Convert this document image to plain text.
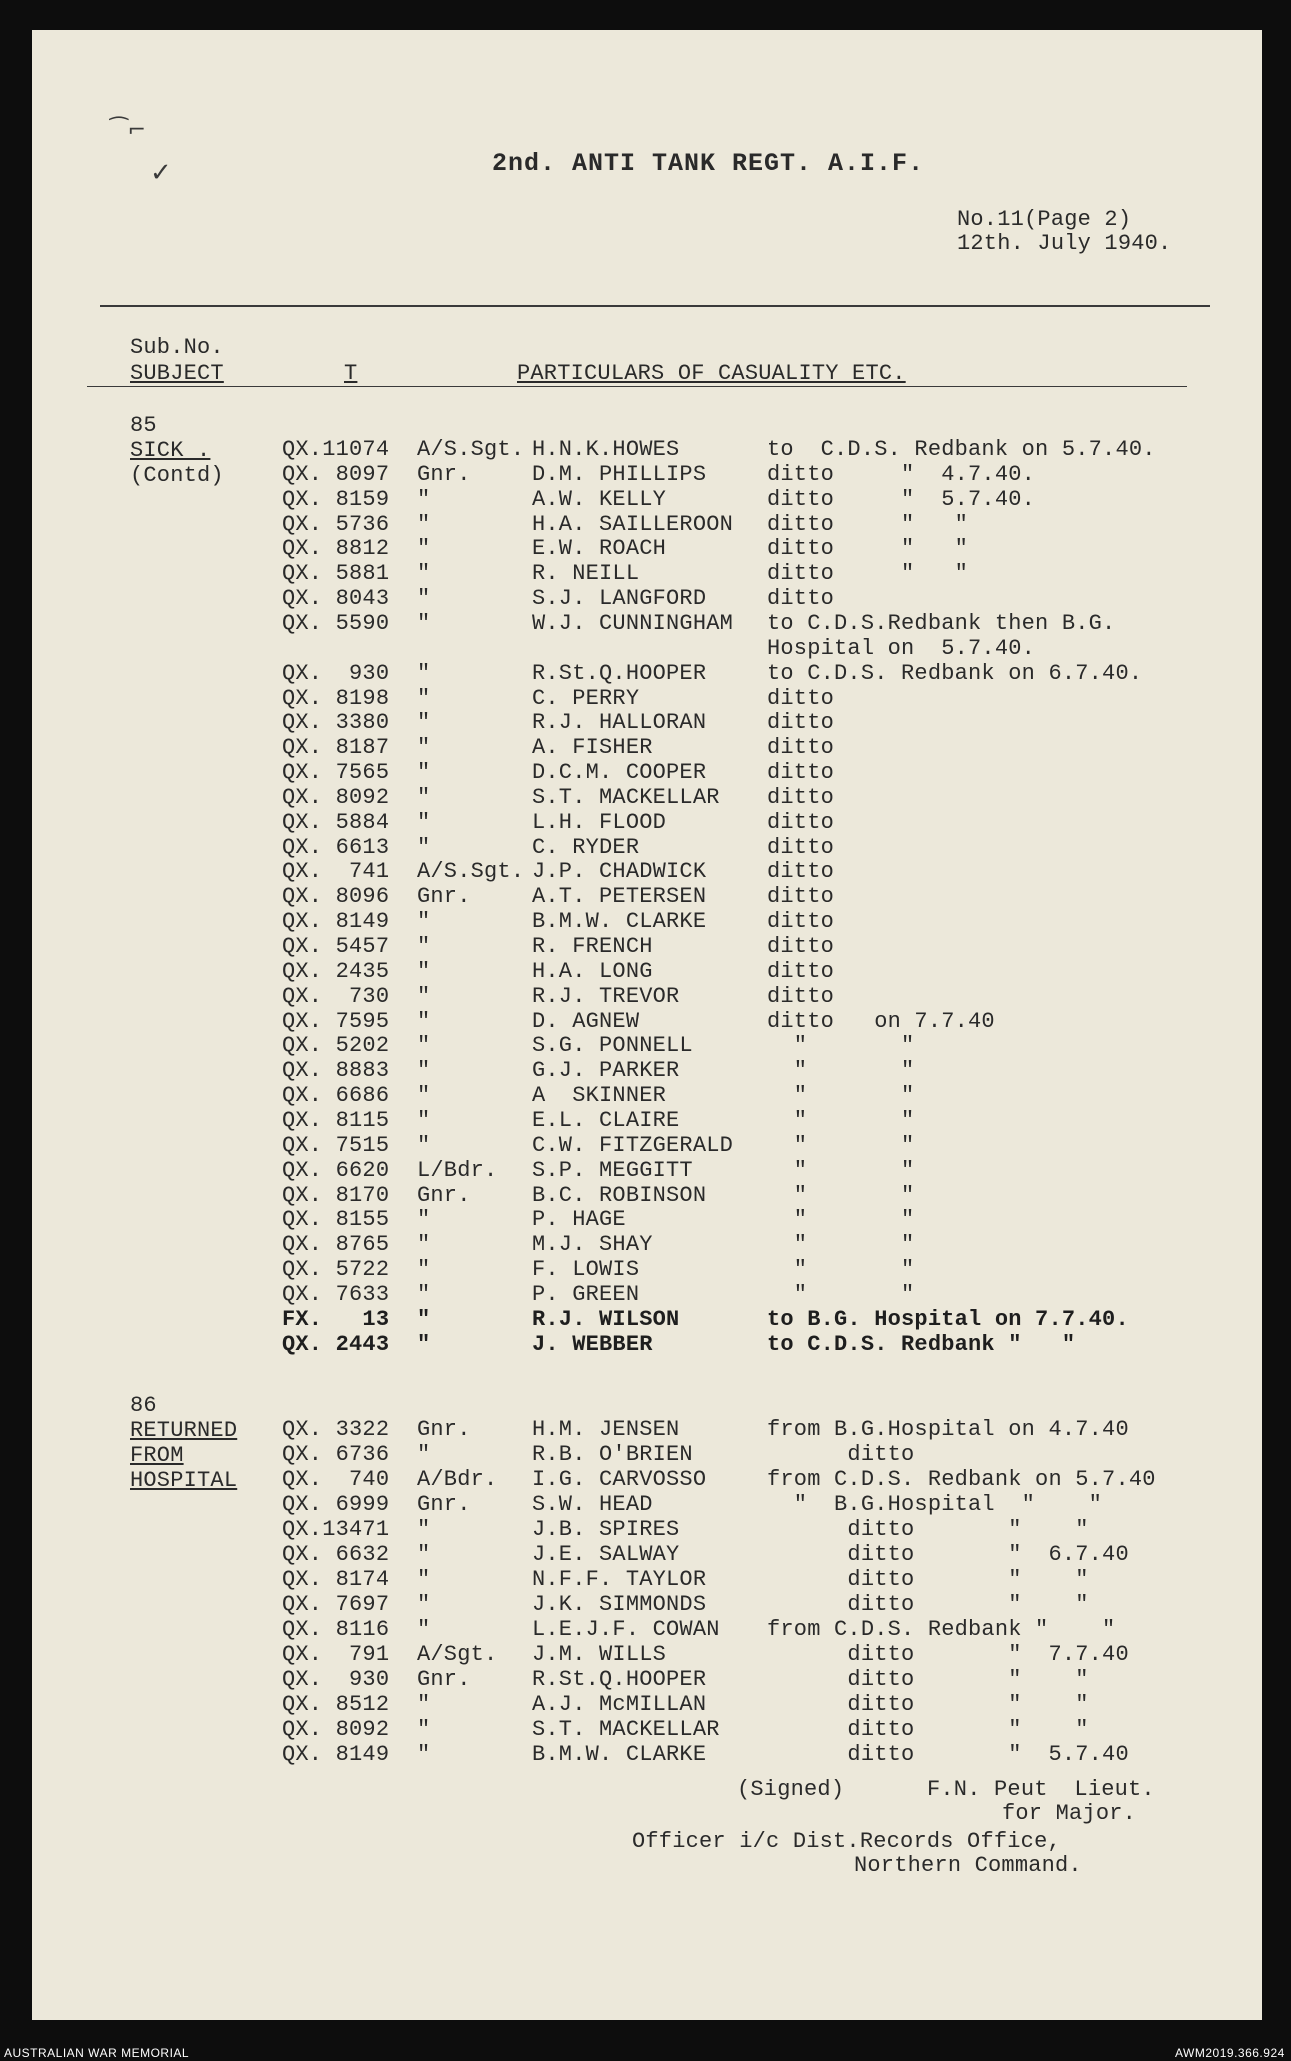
⁀⌐
✓	2nd. ANTI TANK REGT. A.I.F.
No.11(Page 2)
12th. July 1940.
Sub.No.
SUBJECT	T	PARTICULARS OF CASUALITY ETC.
85
SICK .
(Contd)
QX.11074 A/S.Sgt. H.N.K.HOWES	to  C.D.S. Redbank on 5.7.40.
QX. 8097 Gnr.	D.M. PHILLIPS	ditto     "  4.7.40.
QX. 8159 "	A.W. KELLY	ditto     "  5.7.40.
QX. 5736 "	H.A. SAILLEROON ditto     "   "
QX. 8812 "	E.W. ROACH	ditto     "   "
QX. 5881 "	R. NEILL	ditto     "   "
QX. 8043 "	S.J. LANGFORD	ditto
QX. 5590 "	W.J. CUNNINGHAM to C.D.S.Redbank then B.G.
Hospital on  5.7.40.
QX.  930 "	R.St.Q.HOOPER	to C.D.S. Redbank on 6.7.40.
QX. 8198 "	C. PERRY	ditto
QX. 3380 "	R.J. HALLORAN	ditto
QX. 8187 "	A. FISHER	ditto
QX. 7565 "	D.C.M. COOPER	ditto
QX. 8092 "	S.T. MACKELLAR ditto
QX. 5884 "	L.H. FLOOD	ditto
QX. 6613 "	C. RYDER	ditto
QX.  741 A/S.Sgt. J.P. CHADWICK	ditto
QX. 8096 Gnr.	A.T. PETERSEN	ditto
QX. 8149 "	B.M.W. CLARKE	ditto
QX. 5457 "	R. FRENCH	ditto
QX. 2435 "	H.A. LONG	ditto
QX.  730 "	R.J. TREVOR	ditto
QX. 7595 "	D. AGNEW	ditto   on 7.7.40
QX. 5202 "	S.G. PONNELL	"       "
QX. 8883 "	G.J. PARKER	"       "
QX. 6686 "	A  SKINNER	"       "
QX. 8115 "	E.L. CLAIRE	"       "
QX. 7515 "	C.W. FITZGERALD "       "
QX. 6620 L/Bdr. S.P. MEGGITT	"       "
QX. 8170 Gnr.	B.C. ROBINSON	"       "
QX. 8155 "	P. HAGE	"       "
QX. 8765 "	M.J. SHAY	"       "
QX. 5722 "	F. LOWIS	"       "
QX. 7633 "	P. GREEN	"       "
FX.   13 "	R.J. WILSON	to B.G. Hospital on 7.7.40.
QX. 2443 "	J. WEBBER	to C.D.S. Redbank "   "
86
RETURNED
FROM
HOSPITAL
QX. 3322 Gnr.	H.M. JENSEN	from B.G.Hospital on 4.7.40
QX. 6736 "	R.B. O'BRIEN	ditto
QX.  740 A/Bdr. I.G. CARVOSSO	from C.D.S. Redbank on 5.7.40
QX. 6999 Gnr.	S.W. HEAD	"  B.G.Hospital  "    "
QX.13471 "	J.B. SPIRES	ditto       "    "
QX. 6632 "	J.E. SALWAY	ditto       "  6.7.40
QX. 8174 "	N.F.F. TAYLOR	ditto       "    "
QX. 7697 "	J.K. SIMMONDS	ditto       "    "
QX. 8116 "	L.E.J.F. COWAN from C.D.S. Redbank "    "
QX.  791 A/Sgt. J.M. WILLS	ditto       "  7.7.40
QX.  930 Gnr.	R.St.Q.HOOPER	ditto       "    "
QX. 8512 "	A.J. McMILLAN	ditto       "    "
QX. 8092 "	S.T. MACKELLAR ditto       "    "
QX. 8149 "	B.M.W. CLARKE	ditto       "  5.7.40
(Signed)	F.N. Peut  Lieut.
for Major.
Officer i/c Dist.Records Office,
Northern Command.
AUSTRALIAN WAR MEMORIAL	AWM2019.366.924
